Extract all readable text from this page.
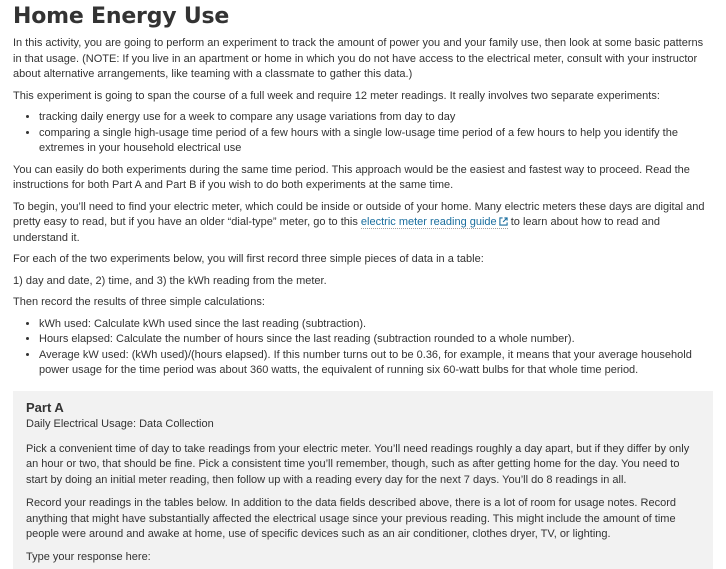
Home Energy Use

In this activity, you are going to perform an experiment to track the amount of power you and your family use, then look at some basic patterns in that usage. (NOTE: If you live in an apartment or home in which you do not have access to the electrical meter, consult with your instructor about alternative arrangements, like teaming with a classmate to gather this data.)

This experiment is going to span the course of a full week and require 12 meter readings. It really involves two separate experiments:

• tracking daily energy use for a week to compare any usage variations from day to day
• comparing a single high-usage time period of a few hours with a single low-usage time period of a few hours to help you identify the extremes in your household electrical use

You can easily do both experiments during the same time period. This approach would be the easiest and fastest way to proceed. Read the instructions for both Part A and Part B if you wish to do both experiments at the same time.

To begin, you’ll need to find your electric meter, which could be inside or outside of your home. Many electric meters these days are digital and pretty easy to read, but if you have an older “dial-type” meter, go to this electric meter reading guide to learn about how to read and understand it.

For each of the two experiments below, you will first record three simple pieces of data in a table:

1) day and date, 2) time, and 3) the kWh reading from the meter.

Then record the results of three simple calculations:

• kWh used: Calculate kWh used since the last reading (subtraction).
• Hours elapsed: Calculate the number of hours since the last reading (subtraction rounded to a whole number).
• Average kW used: (kWh used)/(hours elapsed). If this number turns out to be 0.36, for example, it means that your average household power usage for the time period was about 360 watts, the equivalent of running six 60-watt bulbs for that whole time period.
Part A
Daily Electrical Usage: Data Collection

Pick a convenient time of day to take readings from your electric meter. You’ll need readings roughly a day apart, but if they differ by only an hour or two, that should be fine. Pick a consistent time you’ll remember, though, such as after getting home for the day. You need to start by doing an initial meter reading, then follow up with a reading every day for the next 7 days. You’ll do 8 readings in all.

Record your readings in the tables below. In addition to the data fields described above, there is a lot of room for usage notes. Record anything that might have substantially affected the electrical usage since your previous reading. This might include the amount of time people were around and awake at home, use of specific devices such as an air conditioner, clothes dryer, TV, or lighting.

Type your response here:
